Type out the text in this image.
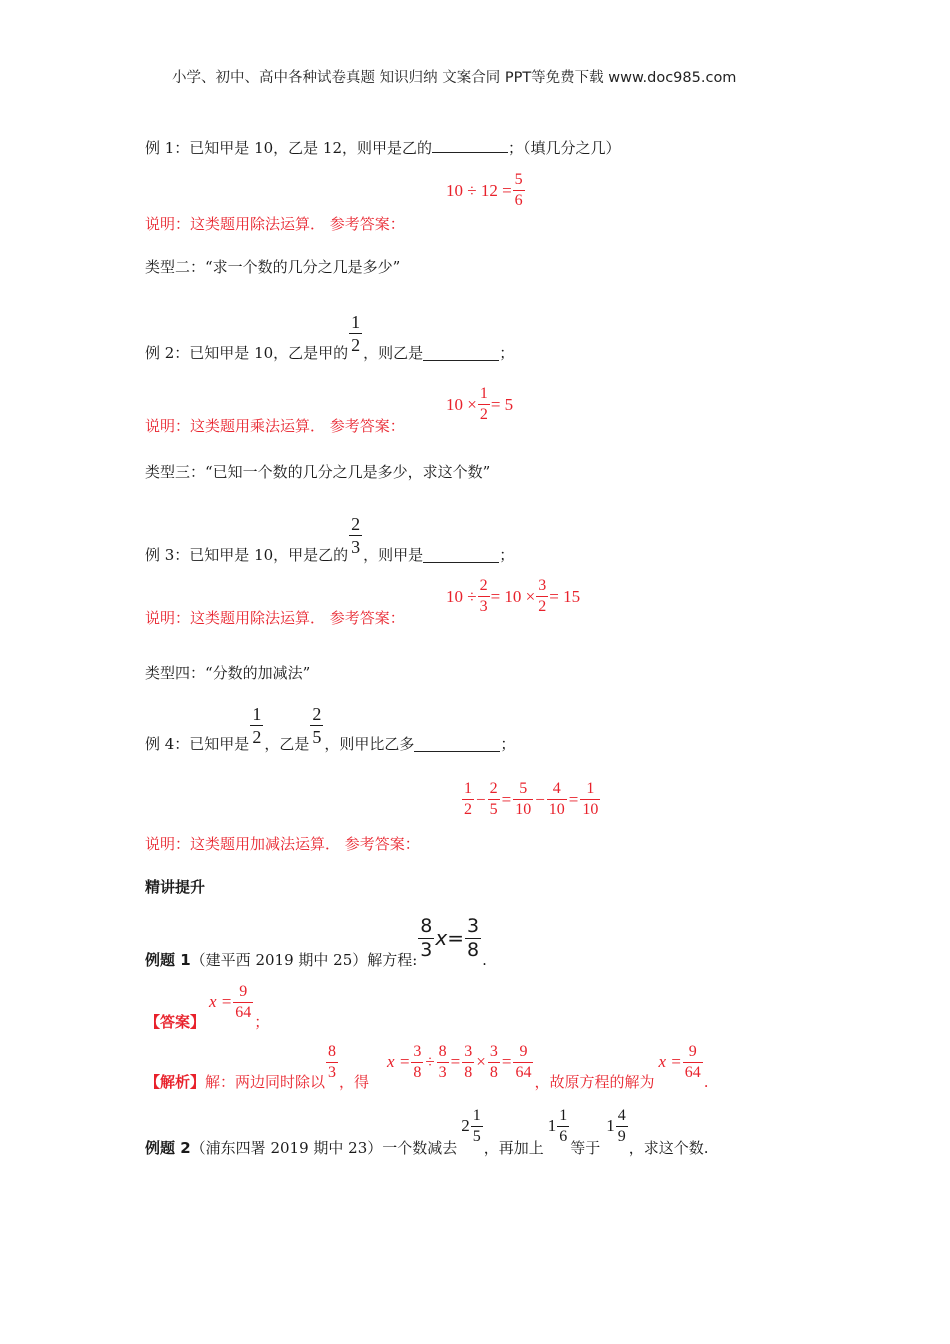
小学、初中、高中各种试卷真题 知识归纳 文案合同 PPT等免费下载 www.doc985.com
例 1：已知甲是 10，乙是 12，则甲是乙的	；（填几分之几）
$10 \div 12 = \frac{5}{6}$
说明：这类题用除法运算． 参考答案：
类型二：“求一个数的几分之几是多少”
例 2：已知甲是 10，乙是甲的 $\frac{1}{2}$ ，则乙是	；
$10 \times \frac{1}{2} = 5$
说明：这类题用乘法运算． 参考答案：
类型三：“已知一个数的几分之几是多少，求这个数”
例 3：已知甲是 10，甲是乙的 $\frac{2}{3}$ ，则甲是	；
$10 \div \frac{2}{3} = 10 \times \frac{3}{2} = 15$
说明：这类题用除法运算． 参考答案：
类型四：“分数的加减法”
例 4：已知甲是 $\frac{1}{2}$ ，乙是 $\frac{2}{5}$ ，则甲比乙多	；
$\frac{1}{2} - \frac{2}{5} = \frac{5}{10} - \frac{4}{10} = \frac{1}{10}$
说明：这类题用加减法运算． 参考答案：
精讲提升
例题 1 （建平西 2019 期中 25）解方程:
$\frac{8}{3}$ $x = \frac{3}{8}$
.
【答案】
$x = \frac{9}{64}$
；
【解析】 解：两边同时除以
$\frac{8}{3}$
，得
$x = \frac{3}{8} \div \frac{8}{3} = \frac{3}{8} \times \frac{3}{8} = \frac{9}{64}$
，故原方程的解为
$x = \frac{9}{64}$
.
例题 2 （浦东四署 2019 期中 23）一个数减去
$2 \frac{1}{5}$
，再加上
$1 \frac{1}{6}$
等于
$1 \frac{4}{9}$
，求这个数.
